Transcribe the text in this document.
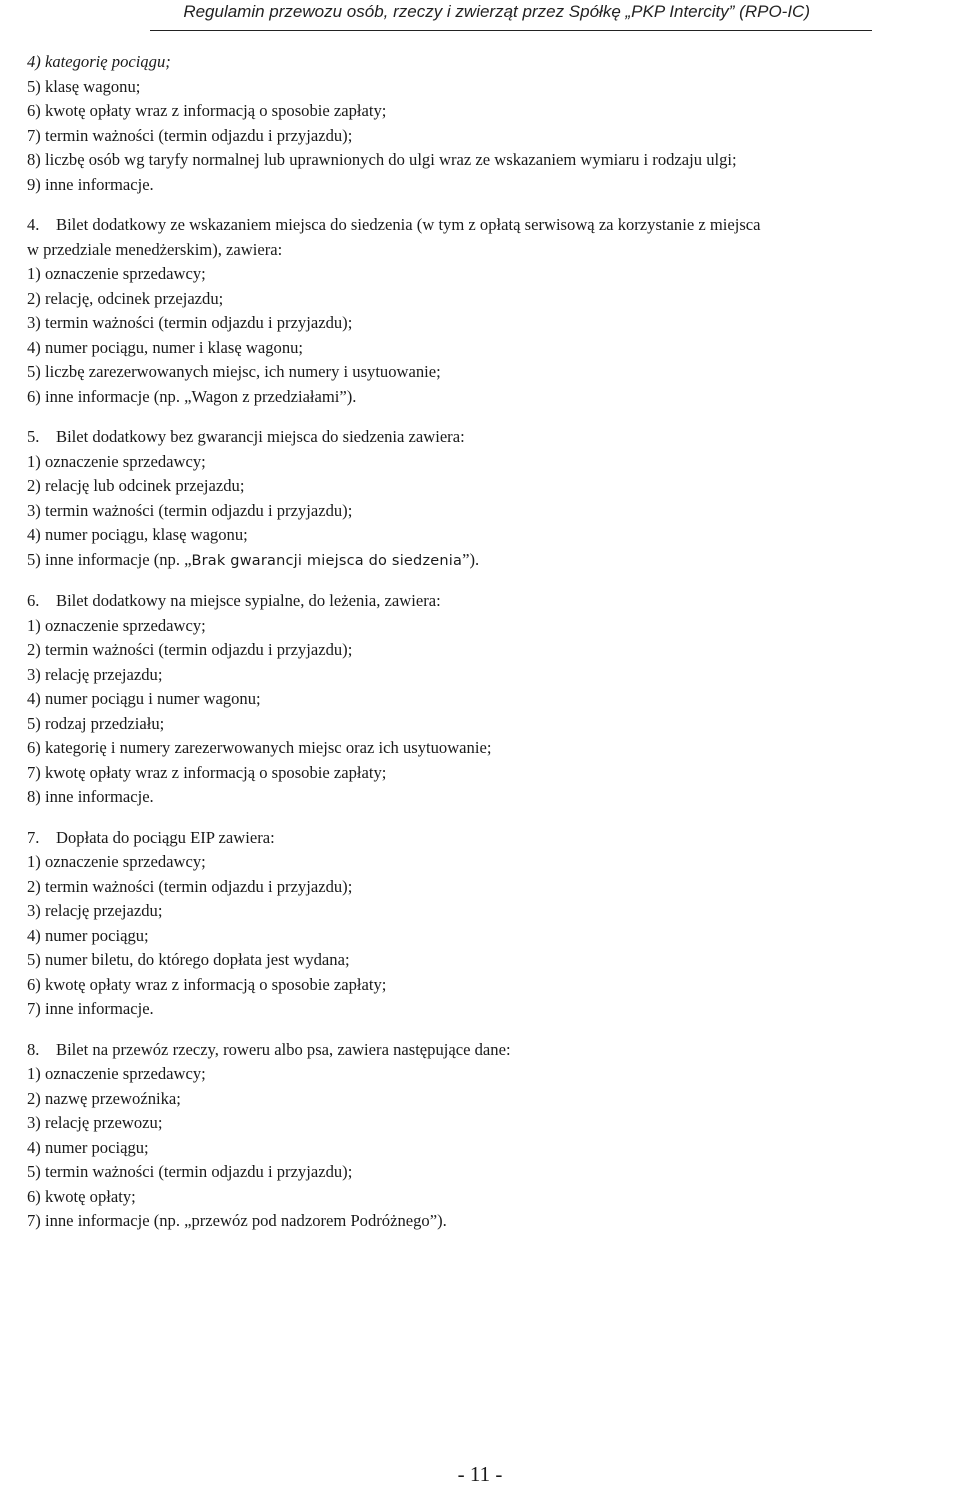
Regulamin przewozu osób, rzeczy i zwierząt przez Spółkę „PKP Intercity” (RPO-IC)
4) kategorię pociągu;
5) klasę wagonu;
6) kwotę opłaty wraz z informacją o sposobie zapłaty;
7) termin ważności (termin odjazdu i przyjazdu);
8) liczbę osób wg taryfy normalnej lub uprawnionych do ulgi wraz ze wskazaniem wymiaru i rodzaju ulgi;
9) inne informacje.
4. Bilet dodatkowy ze wskazaniem miejsca do siedzenia (w tym z opłatą serwisową za korzystanie z miejsca
w przedziale menedżerskim), zawiera:
1) oznaczenie sprzedawcy;
2) relację, odcinek przejazdu;
3) termin ważności (termin odjazdu i przyjazdu);
4) numer pociągu, numer i klasę wagonu;
5) liczbę zarezerwowanych miejsc, ich numery i usytuowanie;
6) inne informacje (np. „Wagon z przedziałami”).
5. Bilet dodatkowy bez gwarancji miejsca do siedzenia zawiera:
1) oznaczenie sprzedawcy;
2) relację lub odcinek przejazdu;
3) termin ważności (termin odjazdu i przyjazdu);
4) numer pociągu, klasę wagonu;
5) inne informacje (np. „Brak gwarancji miejsca do siedzenia”).
6. Bilet dodatkowy na miejsce sypialne, do leżenia, zawiera:
1) oznaczenie sprzedawcy;
2) termin ważności (termin odjazdu i przyjazdu);
3) relację przejazdu;
4) numer pociągu i numer wagonu;
5) rodzaj przedziału;
6) kategorię i numery zarezerwowanych miejsc oraz ich usytuowanie;
7) kwotę opłaty wraz z informacją o sposobie zapłaty;
8) inne informacje.
7. Dopłata do pociągu EIP zawiera:
1) oznaczenie sprzedawcy;
2) termin ważności (termin odjazdu i przyjazdu);
3) relację przejazdu;
4) numer pociągu;
5) numer biletu, do którego dopłata jest wydana;
6) kwotę opłaty wraz z informacją o sposobie zapłaty;
7) inne informacje.
8. Bilet na przewóz rzeczy, roweru albo psa, zawiera następujące dane:
1) oznaczenie sprzedawcy;
2) nazwę przewoźnika;
3) relację przewozu;
4) numer pociągu;
5) termin ważności (termin odjazdu i przyjazdu);
6) kwotę opłaty;
7) inne informacje (np. „przewóz pod nadzorem Podróżnego”).
- 11 -
